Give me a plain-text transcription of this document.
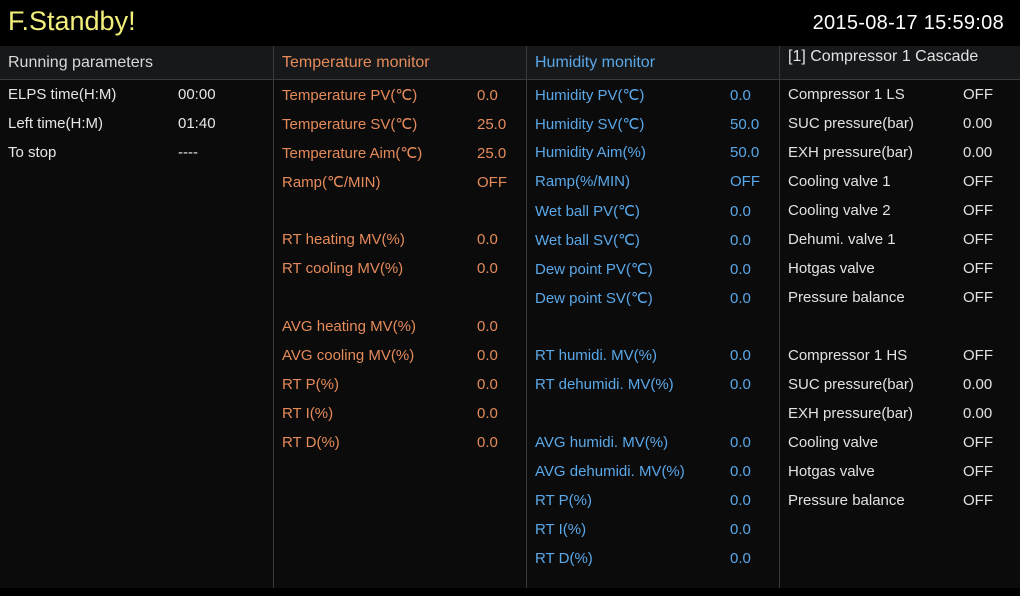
F.Standby!	2015-08-17 15:59:08
Running parameters
ELPS time(H:M)	00:00
Left time(H:M)	01:40
To stop	----
Temperature monitor
Temperature PV(℃)	0.0
Temperature SV(℃)	25.0
Temperature Aim(℃)	25.0
Ramp(℃/MIN)	OFF
RT heating MV(%)	0.0
RT cooling MV(%)	0.0
AVG heating MV(%)	0.0
AVG cooling MV(%)	0.0
RT P(%)	0.0
RT I(%)	0.0
RT D(%)	0.0
Humidity monitor
Humidity PV(℃)	0.0
Humidity SV(℃)	50.0
Humidity Aim(%)	50.0
Ramp(%/MIN)	OFF
Wet ball PV(℃)	0.0
Wet ball SV(℃)	0.0
Dew point PV(℃)	0.0
Dew point SV(℃)	0.0
RT humidi. MV(%)	0.0
RT dehumidi. MV(%)	0.0
AVG humidi. MV(%)	0.0
AVG dehumidi. MV(%)	0.0
RT P(%)	0.0
RT I(%)	0.0
RT D(%)	0.0
[1] Compressor 1 Cascade
Compressor 1 LS	OFF
SUC pressure(bar)	0.00
EXH pressure(bar)	0.00
Cooling valve 1	OFF
Cooling valve 2	OFF
Dehumi. valve 1	OFF
Hotgas valve	OFF
Pressure balance	OFF
Compressor 1 HS	OFF
SUC pressure(bar)	0.00
EXH pressure(bar)	0.00
Cooling valve	OFF
Hotgas valve	OFF
Pressure balance	OFF
